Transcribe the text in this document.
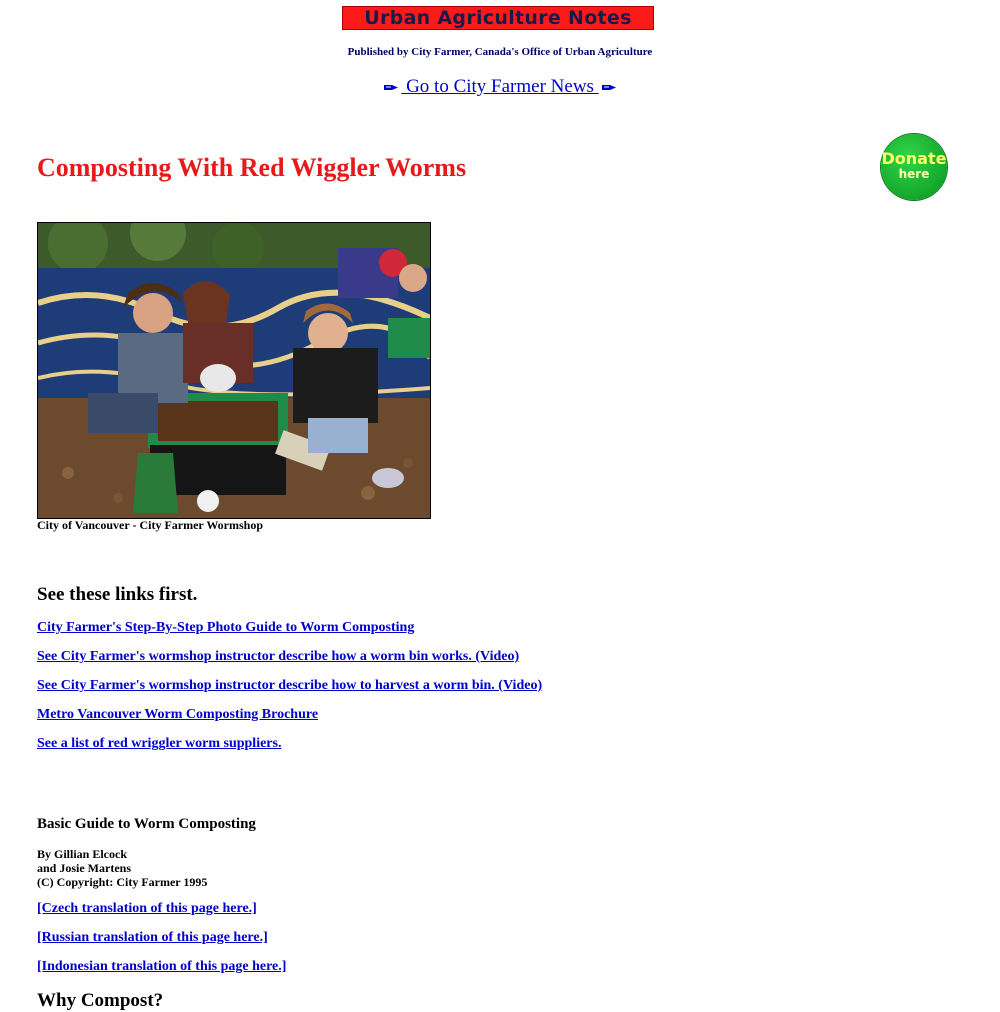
Urban Agriculture Notes
Published by City Farmer, Canada's Office of Urban Agriculture
Go to City Farmer News
Composting With Red Wiggler Worms	Donate
here
City of Vancouver - City Farmer Wormshop
See these links first.
City Farmer's Step-By-Step Photo Guide to Worm Composting
See City Farmer's wormshop instructor describe how a worm bin works. (Video)
See City Farmer's wormshop instructor describe how to harvest a worm bin. (Video)
Metro Vancouver Worm Composting Brochure
See a list of red wriggler worm suppliers.
Basic Guide to Worm Composting
By Gillian Elcock
and Josie Martens
(C) Copyright: City Farmer 1995
[Czech translation of this page here.]
[Russian translation of this page here.]
[Indonesian translation of this page here.]
Why Compost?
